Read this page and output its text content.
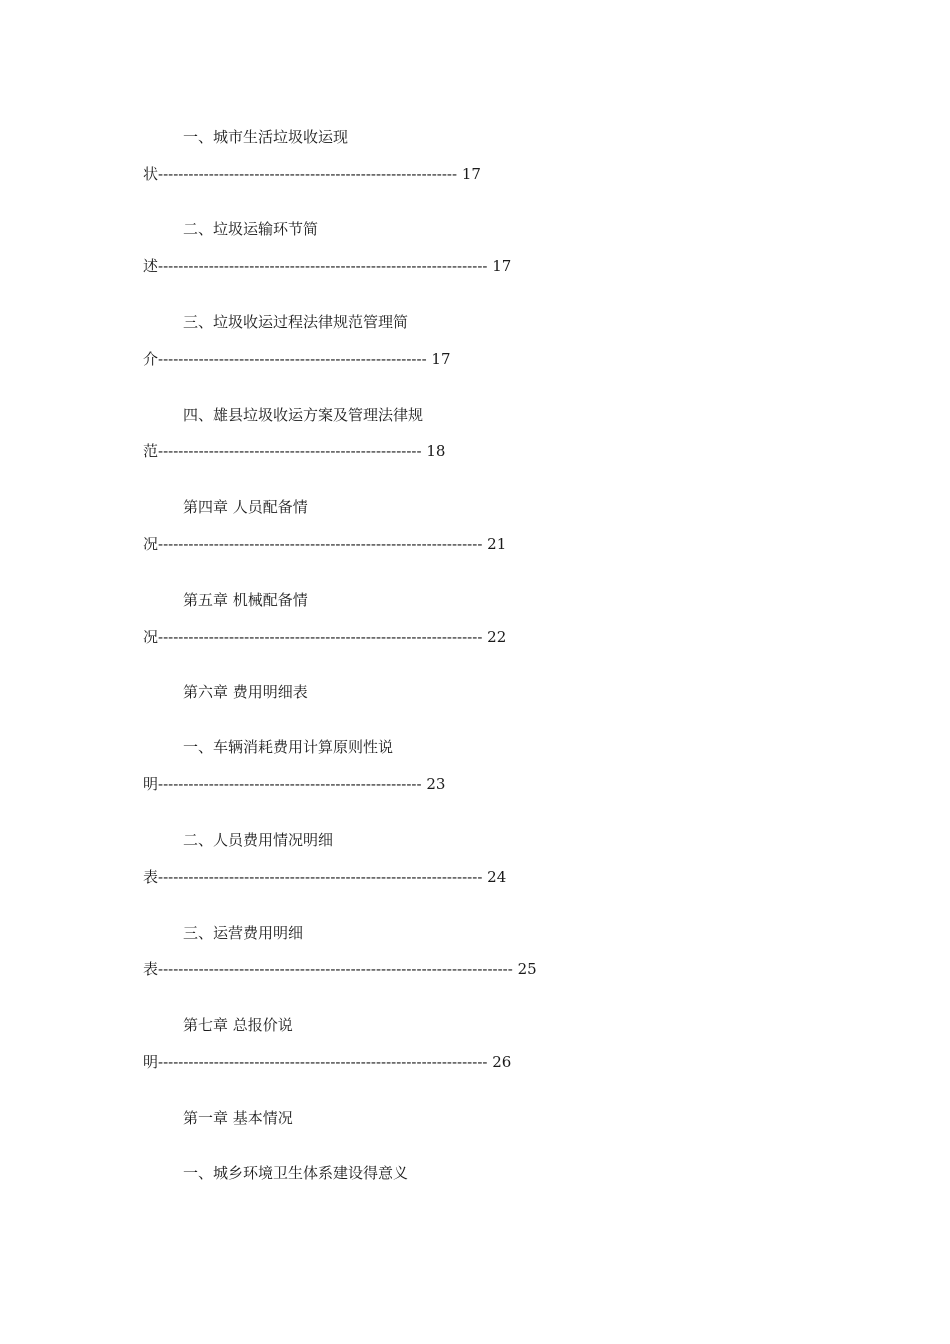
一、城市生活垃圾收运现
状----------------------------------------------------------- 17
二、垃圾运输环节简
述----------------------------------------------------------------- 17
三、垃圾收运过程法律规范管理简
介----------------------------------------------------- 17
四、雄县垃圾收运方案及管理法律规
范---------------------------------------------------- 18
第四章 人员配备情
况---------------------------------------------------------------- 21
第五章 机械配备情
况---------------------------------------------------------------- 22
第六章 费用明细表
一、车辆消耗费用计算原则性说
明---------------------------------------------------- 23
二、人员费用情况明细
表---------------------------------------------------------------- 24
三、运营费用明细
表---------------------------------------------------------------------- 25
第七章 总报价说
明----------------------------------------------------------------- 26
第一章 基本情况
一、城乡环境卫生体系建设得意义
